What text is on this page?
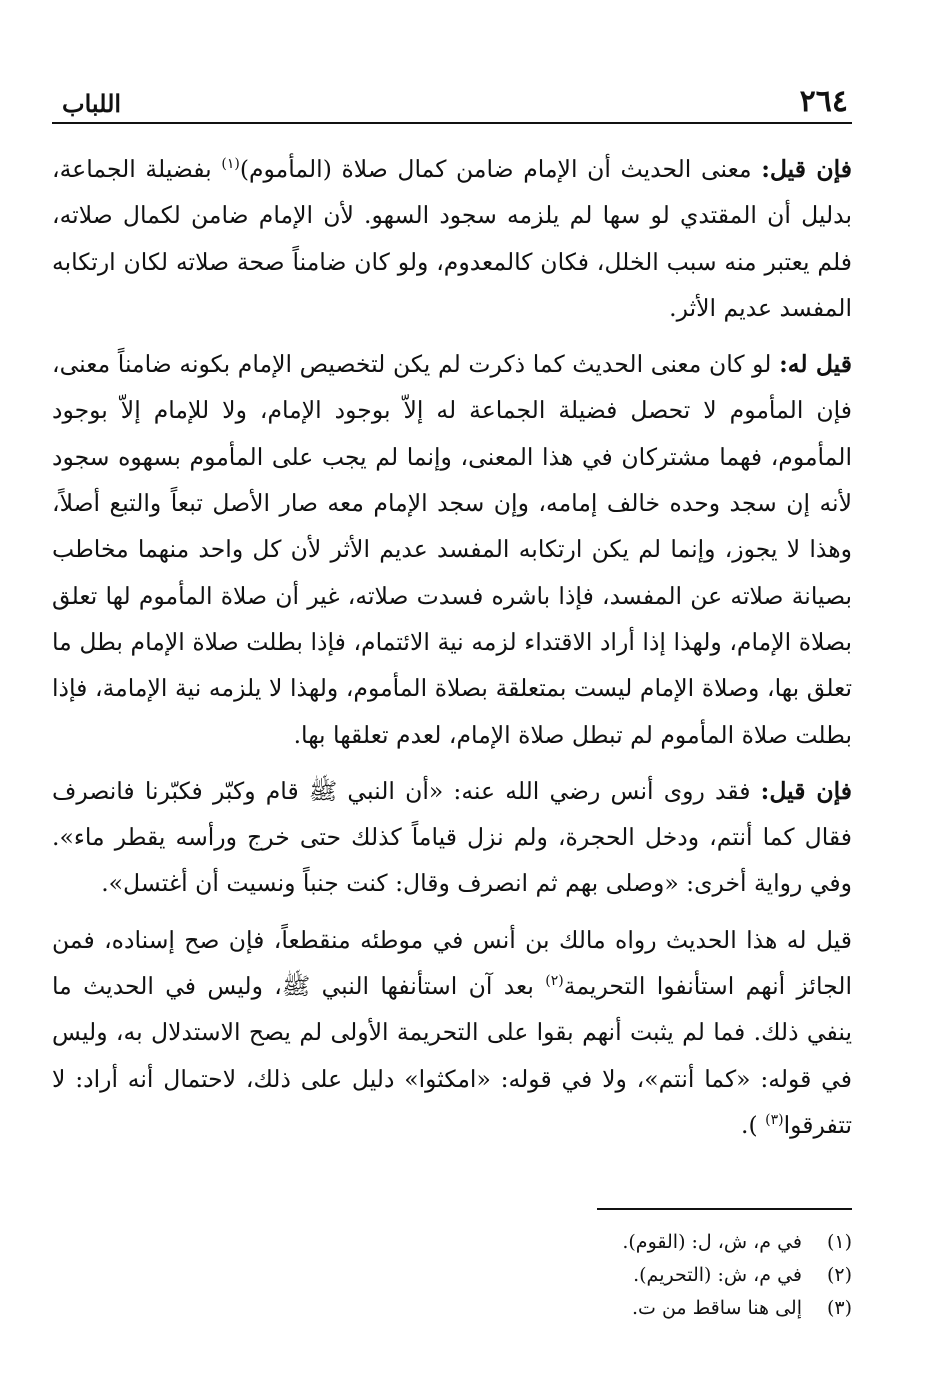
٢٦٤
اللباب

فإن قيل: معنى الحديث أن الإمام ضامن كمال صلاة (المأموم)$^{(١)}$ بفضيلة الجماعة، بدليل أن المقتدي لو سها لم يلزمه سجود السهو. لأن الإمام ضامن لكمال صلاته، فلم يعتبر منه سبب الخلل، فكان كالمعدوم، ولو كان ضامناً صحة صلاته لكان ارتكابه المفسد عديم الأثر.

قيل له: لو كان معنى الحديث كما ذكرت لم يكن لتخصيص الإمام بكونه ضامناً معنى، فإن المأموم لا تحصل فضيلة الجماعة له إلاّ بوجود الإمام، ولا للإمام إلاّ بوجود المأموم، فهما مشتركان في هذا المعنى، وإنما لم يجب على المأموم بسهوه سجود لأنه إن سجد وحده خالف إمامه، وإن سجد الإمام معه صار الأصل تبعاً والتبع أصلاً، وهذا لا يجوز، وإنما لم يكن ارتكابه المفسد عديم الأثر لأن كل واحد منهما مخاطب بصيانة صلاته عن المفسد، فإذا باشره فسدت صلاته، غير أن صلاة المأموم لها تعلق بصلاة الإمام، ولهذا إذا أراد الاقتداء لزمه نية الائتمام، فإذا بطلت صلاة الإمام بطل ما تعلق بها، وصلاة الإمام ليست بمتعلقة بصلاة المأموم، ولهذا لا يلزمه نية الإمامة، فإذا بطلت صلاة المأموم لم تبطل صلاة الإمام، لعدم تعلقها بها.

فإن قيل: فقد روى أنس رضي الله عنه: «أن النبي ﷺ قام وكبّر فكبّرنا فانصرف فقال كما أنتم، ودخل الحجرة، ولم نزل قياماً كذلك حتى خرج ورأسه يقطر ماء». وفي رواية أخرى: «وصلى بهم ثم انصرف وقال: كنت جنباً ونسيت أن أغتسل».

قيل له هذا الحديث رواه مالك بن أنس في موطئه منقطعاً، فإن صح إسناده، فمن الجائز أنهم استأنفوا التحريمة$^{(٢)}$ بعد آن استأنفها النبي ﷺ، وليس في الحديث ما ينفي ذلك. فما لم يثبت أنهم بقوا على التحريمة الأولى لم يصح الاستدلال به، وليس في قوله: «كما أنتم»، ولا في قوله: «امكثوا» دليل على ذلك، لاحتمال أنه أراد: لا تتفرقوا$^{(٣)}$ ).

(١)في م، ش، ل: (القوم).
(٢)في م، ش: (التحريم).
(٣)إلى هنا ساقط من ت.
